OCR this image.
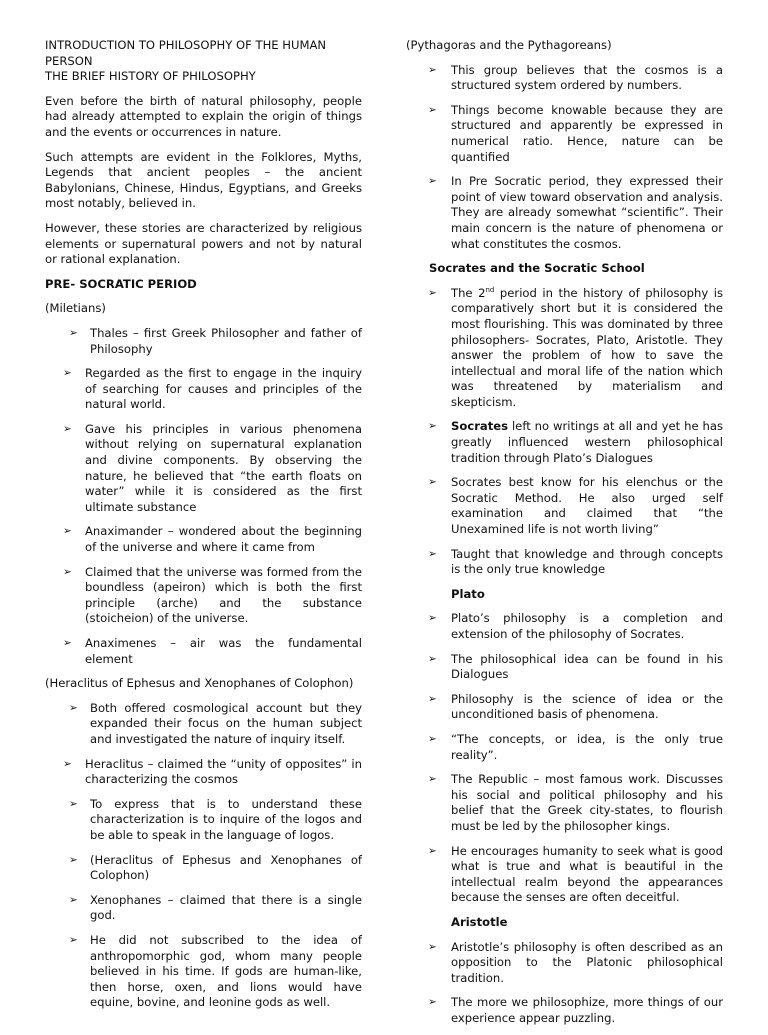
INTRODUCTION TO PHILOSOPHY OF THE HUMAN PERSON

THE BRIEF HISTORY OF PHILOSOPHY

Even before the birth of natural philosophy, people had already attempted to explain the origin of things and the events or occurrences in nature.

Such attempts are evident in the Folklores, Myths, Legends that ancient peoples – the ancient Babylonians, Chinese, Hindus, Egyptians, and Greeks most notably, believed in.

However, these stories are characterized by religious elements or supernatural powers and not by natural or rational explanation.

PRE- SOCRATIC PERIOD

(Miletians)

➢ Thales – first Greek Philosopher and father of Philosophy
➢ Regarded as the first to engage in the inquiry of searching for causes and principles of the natural world.
➢ Gave his principles in various phenomena without relying on supernatural explanation and divine components. By observing the nature, he believed that “the earth floats on water” while it is considered as the first ultimate substance
➢ Anaximander – wondered about the beginning of the universe and where it came from
➢ Claimed that the universe was formed from the boundless (apeiron) which is both the first principle (arche) and the substance (stoicheion) of the universe.
➢ Anaximenes – air was the fundamental element

(Heraclitus of Ephesus and Xenophanes of Colophon)

➢ Both offered cosmological account but they expanded their focus on the human subject and investigated the nature of inquiry itself.
➢ Heraclitus – claimed the “unity of opposites” in characterizing the cosmos
➢ To express that is to understand these characterization is to inquire of the logos and be able to speak in the language of logos.
➢ (Heraclitus of Ephesus and Xenophanes of Colophon)
➢ Xenophanes – claimed that there is a single god.
➢ He did not subscribed to the idea of anthropomorphic god, whom many people believed in his time. If gods are human-like, then horse, oxen, and lions would have equine, bovine, and leonine gods as well.

(Pythagoras and the Pythagoreans)

➢ This group believes that the cosmos is a structured system ordered by numbers.
➢ Things become knowable because they are structured and apparently be expressed in numerical ratio. Hence, nature can be quantified
➢ In Pre Socratic period, they expressed their point of view toward observation and analysis. They are already somewhat “scientific”. Their main concern is the nature of phenomena or what constitutes the cosmos.

Socrates and the Socratic School

➢ The 2nd period in the history of philosophy is comparatively short but it is considered the most flourishing. This was dominated by three philosophers- Socrates, Plato, Aristotle. They answer the problem of how to save the intellectual and moral life of the nation which was threatened by materialism and skepticism.
➢ Socrates left no writings at all and yet he has greatly influenced western philosophical tradition through Plato’s Dialogues
➢ Socrates best know for his elenchus or the Socratic Method. He also urged self examination and claimed that “the Unexamined life is not worth living”
➢ Taught that knowledge and through concepts is the only true knowledge

Plato

➢ Plato’s philosophy is a completion and extension of the philosophy of Socrates.
➢ The philosophical idea can be found in his Dialogues
➢ Philosophy is the science of idea or the unconditioned basis of phenomena.
➢ “The concepts, or idea, is the only true reality”.
➢ The Republic – most famous work. Discusses his social and political philosophy and his belief that the Greek city-states, to flourish must be led by the philosopher kings.
➢ He encourages humanity to seek what is good what is true and what is beautiful in the intellectual realm beyond the appearances because the senses are often deceitful.

Aristotle

➢ Aristotle’s philosophy is often described as an opposition to the Platonic philosophical tradition.
➢ The more we philosophize, more things of our experience appear puzzling.
